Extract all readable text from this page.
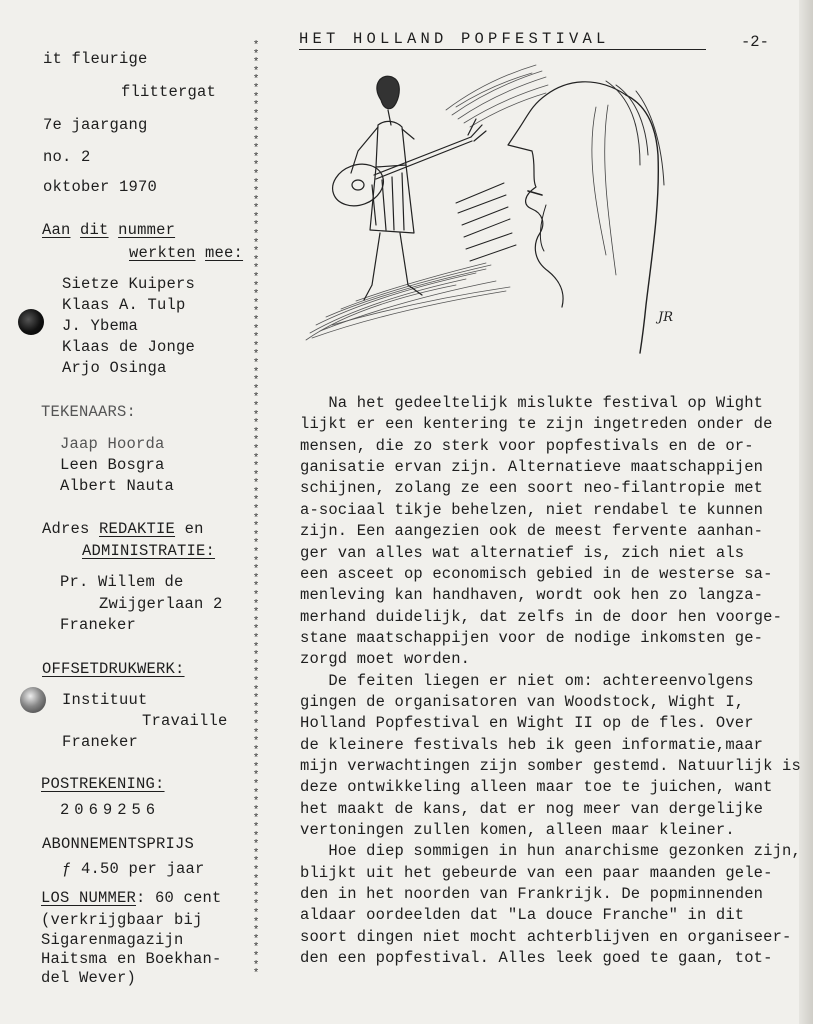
it fleurige
flittergat
7e jaargang
no. 2
oktober 1970
Aan dit nummer
werkten mee:
Sietze Kuipers
Klaas A. Tulp
J. Ybema
Klaas de Jonge
Arjo Osinga
TEKENAARS:
Jaap Hoorda
Leen Bosgra
Albert Nauta
Adres REDAKTIE en
ADMINISTRATIE:
Pr. Willem de
Zwijgerlaan 2
Franeker
OFFSETDRUKWERK:
Instituut
Travaille
Franeker
POSTREKENING:
2069256
ABONNEMENTSPRIJS
ƒ 4.50 per jaar
LOS NUMMER: 60 cent
(verkrijgbaar bij
Sigarenmagazijn
Haitsma en Boekhan-
del Wever)
*
*
*
*
*
*
*
*
*
*
*
*
*
*
*
*
*
*
*
*
*
*
*
*
*
*
*
*
*
*
*
*
*
*
*
*
*
*
*
*
*
*
*
*
*
*
*
*
*
*
*
*
*
*
*
*
*
*
*
*
*
*
*
*
*
*
*
*
*
*
*
*
*
*
*
*
*
*
*
*
*
*
*
*
*
*
*
*
*
*
*
*
*
*
*
*
*
*
*
*
*
*
*
*
*
*
*
*
*

HET HOLLAND POPFESTIVAL	-2-
JR
Na het gedeeltelijk mislukte festival op Wight
lijkt er een kentering te zijn ingetreden onder de
mensen, die zo sterk voor popfestivals en de or-
ganisatie ervan zijn. Alternatieve maatschappijen
schijnen, zolang ze een soort neo-filantropie met
a-sociaal tikje behelzen, niet rendabel te kunnen
zijn. Een aangezien ook de meest fervente aanhan-
ger van alles wat alternatief is, zich niet als
een asceet op economisch gebied in de westerse sa-
menleving kan handhaven, wordt ook hen zo langza-
merhand duidelijk, dat zelfs in de door hen voorge-
stane maatschappijen voor de nodige inkomsten ge-
zorgd moet worden.
De feiten liegen er niet om: achtereenvolgens
gingen de organisatoren van Woodstock, Wight I,
Holland Popfestival en Wight II op de fles. Over
de kleinere festivals heb ik geen informatie,maar
mijn verwachtingen zijn somber gestemd. Natuurlijk is
deze ontwikkeling alleen maar toe te juichen, want
het maakt de kans, dat er nog meer van dergelijke
vertoningen zullen komen, alleen maar kleiner.
Hoe diep sommigen in hun anarchisme gezonken zijn,
blijkt uit het gebeurde van een paar maanden gele-
den in het noorden van Frankrijk. De popminnenden
aldaar oordeelden dat "La douce Franche" in dit
soort dingen niet mocht achterblijven en organiseer-
den een popfestival. Alles leek goed te gaan, tot-
